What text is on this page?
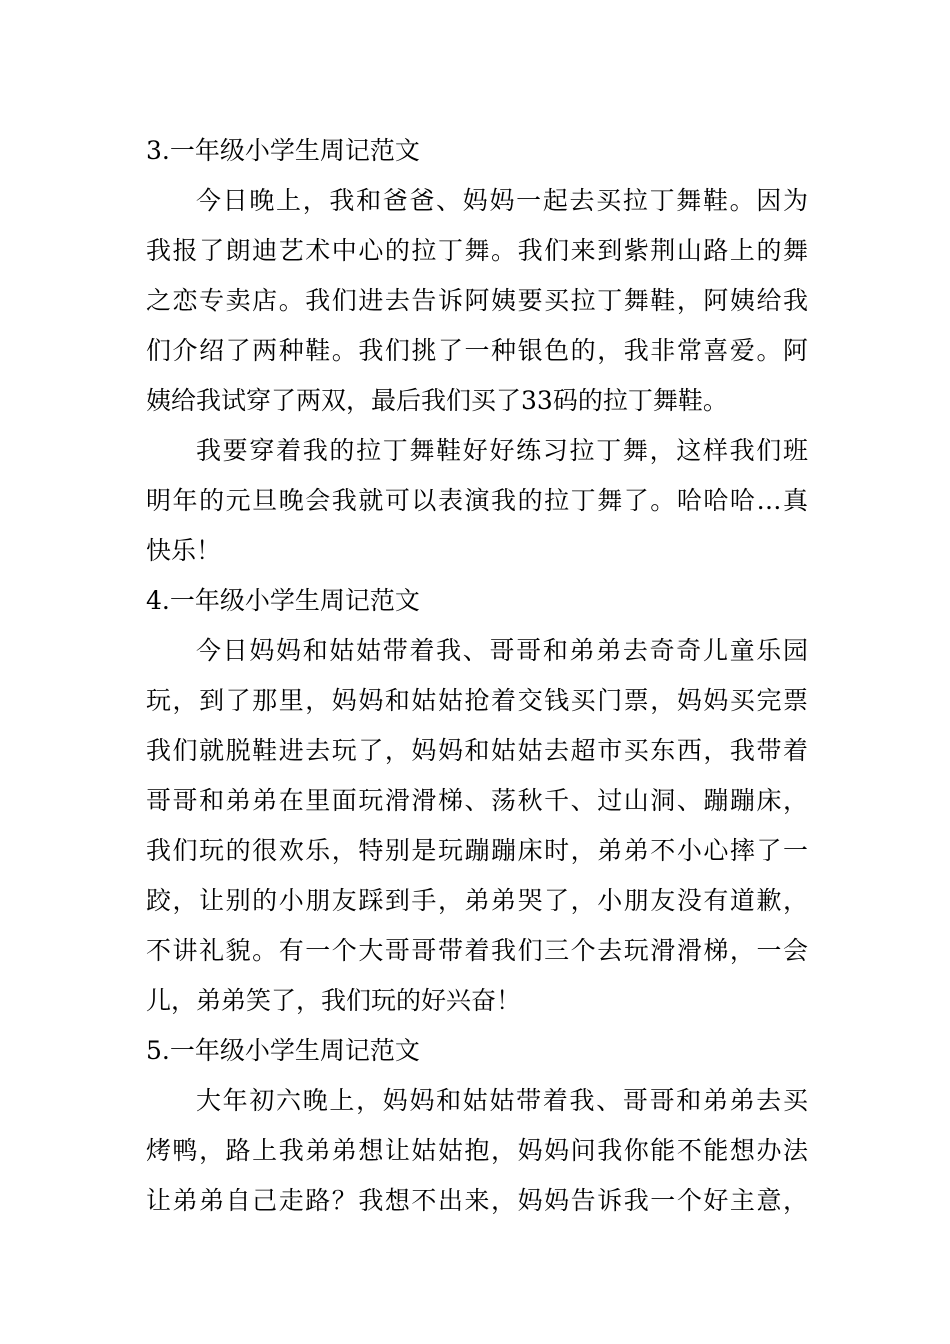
3.一年级小学生周记范文

今日晚上，我和爸爸、妈妈一起去买拉丁舞鞋。因为
我报了朗迪艺术中心的拉丁舞。我们来到紫荆山路上的舞
之恋专卖店。我们进去告诉阿姨要买拉丁舞鞋，阿姨给我
们介绍了两种鞋。我们挑了一种银色的，我非常喜爱。阿
姨给我试穿了两双，最后我们买了33码的拉丁舞鞋。

我要穿着我的拉丁舞鞋好好练习拉丁舞，这样我们班
明年的元旦晚会我就可以表演我的拉丁舞了。哈哈哈…真
快乐！

4.一年级小学生周记范文

今日妈妈和姑姑带着我、哥哥和弟弟去奇奇儿童乐园
玩，到了那里，妈妈和姑姑抢着交钱买门票，妈妈买完票
我们就脱鞋进去玩了，妈妈和姑姑去超市买东西，我带着
哥哥和弟弟在里面玩滑滑梯、荡秋千、过山洞、蹦蹦床，
我们玩的很欢乐，特别是玩蹦蹦床时，弟弟不小心摔了一
跤，让别的小朋友踩到手，弟弟哭了，小朋友没有道歉，
不讲礼貌。有一个大哥哥带着我们三个去玩滑滑梯，一会
儿，弟弟笑了，我们玩的好兴奋！

5.一年级小学生周记范文

大年初六晚上，妈妈和姑姑带着我、哥哥和弟弟去买
烤鸭，路上我弟弟想让姑姑抱，妈妈问我你能不能想办法
让弟弟自己走路？我想不出来，妈妈告诉我一个好主意，
